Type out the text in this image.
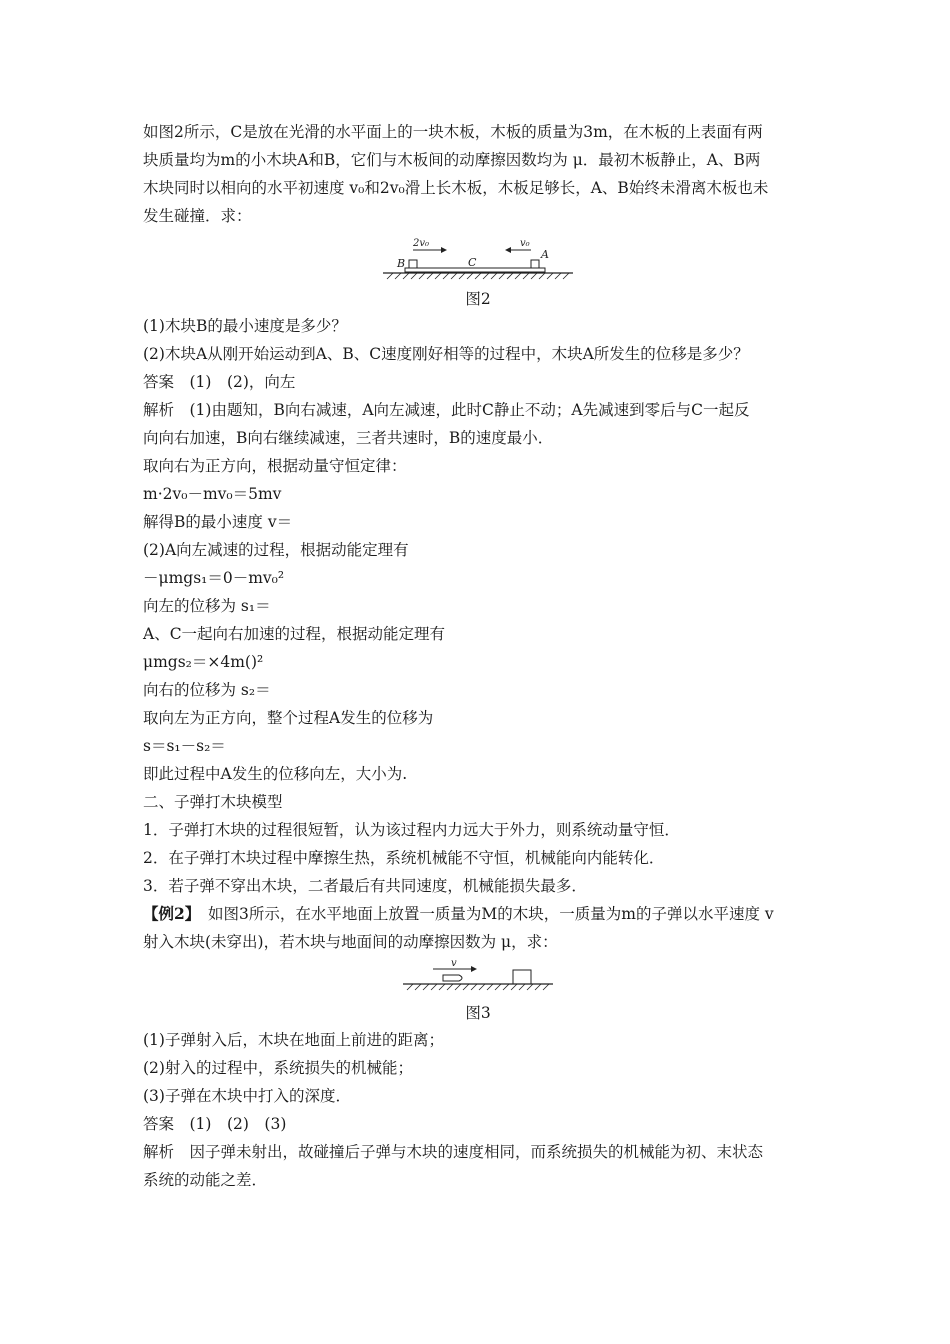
如图2所示，C是放在光滑的水平面上的一块木板，木板的质量为3m，在木板的上表面有两
块质量均为m的小木块A和B，它们与木板间的动摩擦因数均为 μ．最初木板静止，A、B两
木块同时以相向的水平初速度 v₀和2v₀滑上长木板，木板足够长，A、B始终未滑离木板也未
发生碰撞．求：
2v₀	v₀
B	C
A
图2
(1)木块B的最小速度是多少？
(2)木块A从刚开始运动到A、B、C速度刚好相等的过程中，木块A所发生的位移是多少？
答案　(1)　(2)，向左
解析　(1)由题知，B向右减速，A向左减速，此时C静止不动；A先减速到零后与C一起反
向向右加速，B向右继续减速，三者共速时，B的速度最小．
取向右为正方向，根据动量守恒定律：
m·2v₀－mv₀＝5mv
解得B的最小速度 v＝
(2)A向左减速的过程，根据动能定理有
－μmgs₁＝0－mv₀²
向左的位移为 s₁＝
A、C一起向右加速的过程，根据动能定理有
μmgs₂＝×4m()²
向右的位移为 s₂＝
取向左为正方向，整个过程A发生的位移为
s＝s₁－s₂＝
即此过程中A发生的位移向左，大小为.
二、子弹打木块模型
1．子弹打木块的过程很短暂，认为该过程内力远大于外力，则系统动量守恒．
2．在子弹打木块过程中摩擦生热，系统机械能不守恒，机械能向内能转化．
3．若子弹不穿出木块，二者最后有共同速度，机械能损失最多．
【例2】　如图3所示，在水平地面上放置一质量为M的木块，一质量为m的子弹以水平速度 v
射入木块(未穿出)，若木块与地面间的动摩擦因数为 μ，求：
v
图3
(1)子弹射入后，木块在地面上前进的距离；
(2)射入的过程中，系统损失的机械能；
(3)子弹在木块中打入的深度．
答案　(1)　(2)　(3)
解析　因子弹未射出，故碰撞后子弹与木块的速度相同，而系统损失的机械能为初、末状态
系统的动能之差．
